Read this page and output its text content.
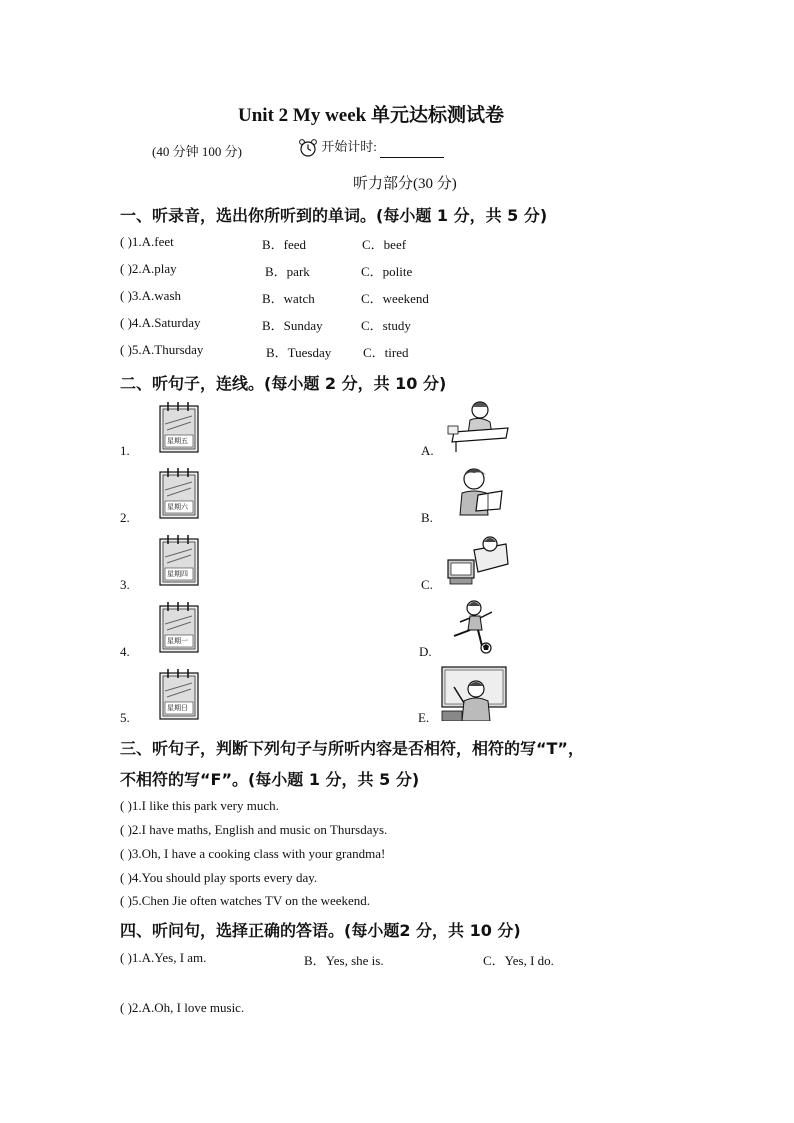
Unit 2 My week 单元达标测试卷
(40 分钟 100 分)	开始计时:
听力部分(30 分)
一、听录音，选出你所听到的单词。(每小题 1 分，共 5 分)
( )1.A.feet	B．feed	C．beef
( )2.A.play	B．park	C．polite
( )3.A.wash	B．watch	C．weekend
( )4.A.Saturday	B．Sunday	C．study
( )5.A.Thursday	B．Tuesday C．tired
二、听句子，连线。(每小题 2 分，共 10 分)
1.
星期五
2.
星期六
3.
星期四
4.
星期一
5.
星期日
A.
B.
C.
D.
E.
三、听句子，判断下列句子与所听内容是否相符，相符的写“T”，
不相符的写“F”。(每小题 1 分，共 5 分)
( )1.I like this park very much.
( )2.I have maths, English and music on Thursdays.
( )3.Oh, I have a cooking class with your grandma!
( )4.You should play sports every day.
( )5.Chen Jie often watches TV on the weekend.
四、听问句，选择正确的答语。(每小题2 分，共 10 分)
( )1.A.Yes, I am.	B．Yes, she is.	C．Yes, I do.
( )2.A.Oh, I love music.
